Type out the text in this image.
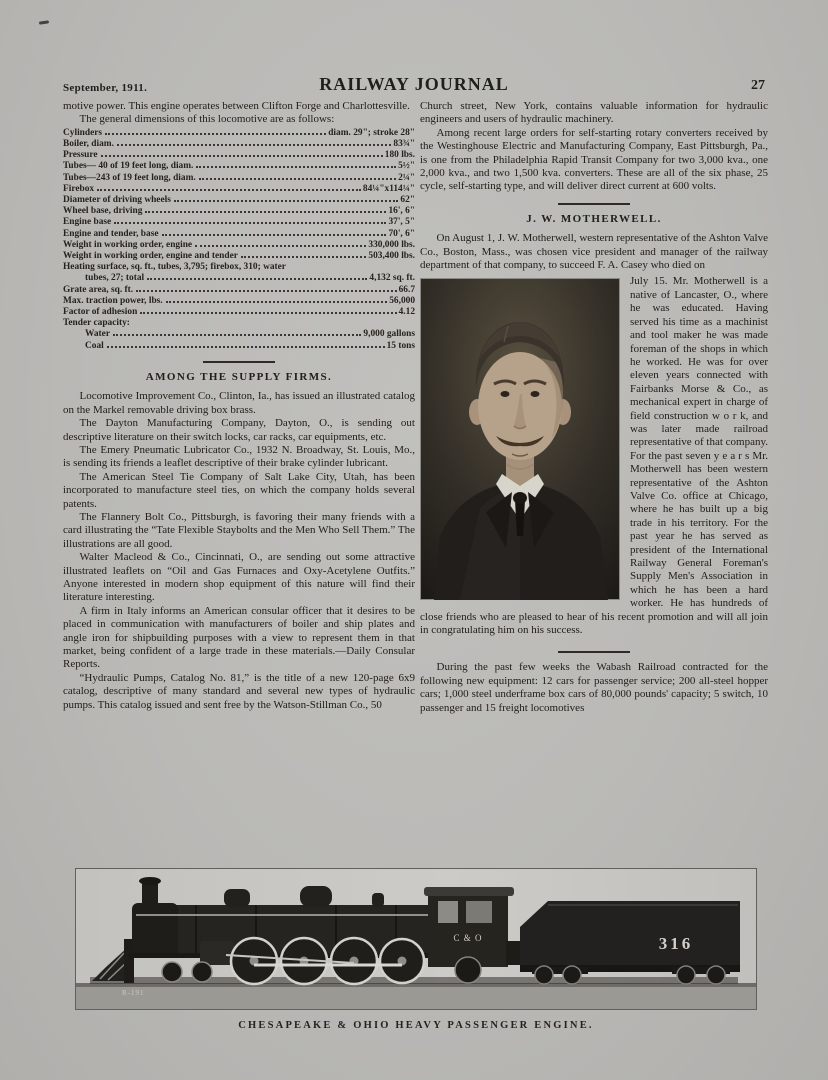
September, 1911.	RAILWAY JOURNAL	27

motive power. This engine operates between Clifton Forge and Charlottesville.

The general dimensions of this locomotive are as follows:

Cylinders	diam. 29"; stroke 28"
Boiler, diam.	83¾"
Pressure	180 lbs.
Tubes— 40 of 19 feet long, diam.	5½"
Tubes—243 of 19 feet long, diam.	2¼"
Firebox	84¼"x114¼"
Diameter of driving wheels	62"
Wheel base, driving	16', 6"
Engine base	37', 5"
Engine and tender, base	70', 6"
Weight in working order, engine	330,000 lbs.
Weight in working order, engine and tender	503,400 lbs.
Heating surface, sq. ft., tubes, 3,795; firebox, 310; water
tubes, 27; total	4,132 sq. ft.
Grate area, sq. ft.	66.7
Max. traction power, lbs.	56,000
Factor of adhesion	4.12
Tender capacity:
Water	9,000 gallons
Coal	15 tons
AMONG THE SUPPLY FIRMS.

Locomotive Improvement Co., Clinton, Ia., has issued an illustrated catalog on the Markel removable driving box brass.

The Dayton Manufacturing Company, Dayton, O., is sending out descriptive literature on their switch locks, car racks, car equipments, etc.

The Emery Pneumatic Lubricator Co., 1932 N. Broadway, St. Louis, Mo., is sending its friends a leaflet descriptive of their brake cylinder lubricant.

The American Steel Tie Company of Salt Lake City, Utah, has been incorporated to manufacture steel ties, on which the company holds several patents.

The Flannery Bolt Co., Pittsburgh, is favoring their many friends with a card illustrating the “Tate Flexible Staybolts and the Men Who Sell Them.” The illustrations are all good.

Walter Macleod & Co., Cincinnati, O., are sending out some attractive illustrated leaflets on “Oil and Gas Furnaces and Oxy-Acetylene Outfits.” Anyone interested in modern shop equipment of this nature will find their literature interesting.

A firm in Italy informs an American consular officer that it desires to be placed in communication with manufacturers of boiler and ship plates and angle iron for shipbuilding purposes with a view to represent them in that market, being confident of a large trade in these materials.—Daily Consular Reports.

“Hydraulic Pumps, Catalog No. 81,” is the title of a new 120-page 6x9 catalog, descriptive of many standard and several new types of hydraulic pumps. This catalog issued and sent free by the Watson-Stillman Co., 50

Church street, New York, contains valuable information for hydraulic engineers and users of hydraulic machinery.

Among recent large orders for self-starting rotary converters received by the Westinghouse Electric and Manufacturing Company, East Pittsburgh, Pa., is one from the Philadelphia Rapid Transit Company for two 3,000 kva., one 2,000 kva., and two 1,500 kva. converters. These are all of the six phase, 25 cycle, self-starting type, and will deliver direct current at 600 volts.

J. W. MOTHERWELL.

On August 1, J. W. Motherwell, western representative of the Ashton Valve Co., Boston, Mass., was chosen vice president and manager of the railway department of that company, to succeed F. A. Casey who died on

July 15. Mr. Motherwell is a native of Lancaster, O., where he was educated. Having served his time as a machinist and tool maker he was made foreman of the shops in which he worked. He was for over eleven years connected with Fairbanks Morse & Co., as mechanical expert in charge of field construction w o r k, and was later made railroad representative of that company. For the past seven y e a r s Mr. Motherwell has been western representative of the Ashton Valve Co. office at Chicago, where he has built up a big trade in his territory. For the past year he has served as president of the International Railway General Foreman's Supply Men's Association in which he has been a hard worker. He has hundreds of close friends who are pleased to hear of his recent promotion and will all join in congratulating him on his success.

During the past few weeks the Wabash Railroad contracted for the following new equipment: 12 cars for passenger service; 200 all-steel hopper cars; 1,000 steel underframe box cars of 80,000 pounds' capacity; 5 switch, 10 passenger and 15 freight locomotives

C & O	316
R-191
CHESAPEAKE & OHIO HEAVY PASSENGER ENGINE.
